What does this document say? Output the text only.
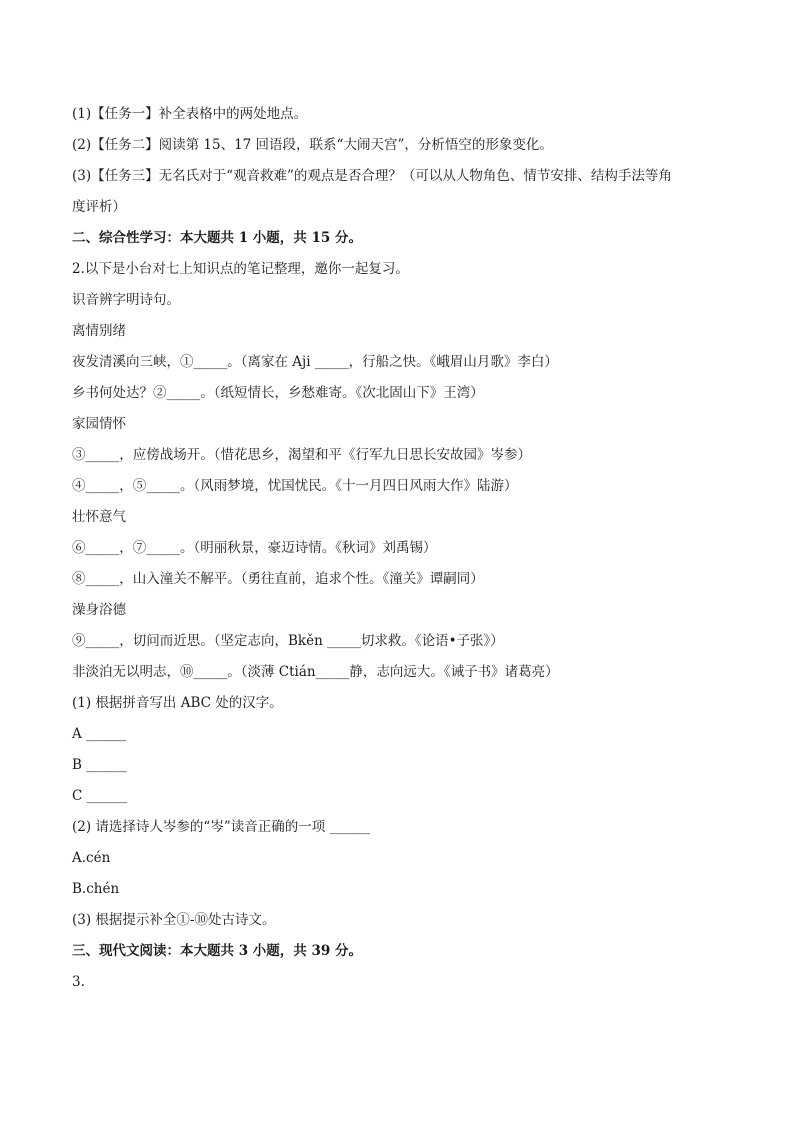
(1)【任务一】补全表格中的两处地点。
(2)【任务二】阅读第 15、17 回语段，联系“大闹天宫”，分析悟空的形象变化。
(3)【任务三】无名氏对于“观音救难”的观点是否合理？（可以从人物角色、情节安排、结构手法等角
度评析）
二、综合性学习：本大题共 1 小题，共 15 分。
2.以下是小台对七上知识点的笔记整理，邀你一起复习。
识音辨字明诗句。
离情别绪
夜发清溪向三峡，①_____。（离家在 Aji _____，行船之快。《峨眉山月歌》李白）
乡书何处达？②_____。（纸短情长，乡愁难寄。《次北固山下》王湾）
家园情怀
③_____，应傍战场开。（惜花思乡，渴望和平《行军九日思长安故园》岑参）
④_____，⑤_____。（风雨梦境，忧国忧民。《十一月四日风雨大作》陆游）
壮怀意气
⑥_____，⑦_____。（明丽秋景，豪迈诗情。《秋词》刘禹锡）
⑧_____，山入潼关不解平。（勇往直前，追求个性。《潼关》谭嗣同）
澡身浴德
⑨_____，切问而近思。（坚定志向，Bkěn _____切求救。《论语•子张》）
非淡泊无以明志，⑩_____。（淡薄 Ctián_____静，志向远大。《诫子书》诸葛亮）
(1) 根据拼音写出 ABC 处的汉字。
A ______
B ______
C ______
(2) 请选择诗人岑参的“岑”读音正确的一项 ______
A.cén
B.chén
(3) 根据提示补全①-⑩处古诗文。
三、现代文阅读：本大题共 3 小题，共 39 分。
3.
